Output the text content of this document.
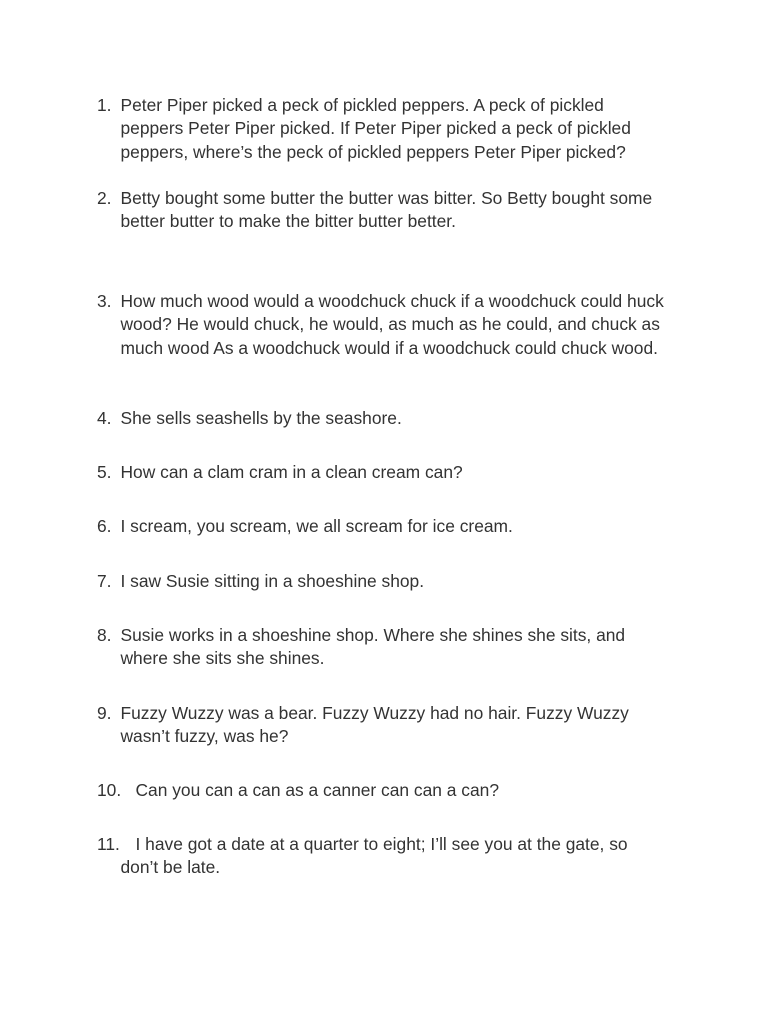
1. Peter Piper picked a peck of pickled peppers. A peck of pickled peppers Peter Piper picked. If Peter Piper picked a peck of pickled peppers, where’s the peck of pickled peppers Peter Piper picked?
2. Betty bought some butter the butter was bitter. So Betty bought some better butter to make the bitter butter better.
3. How much wood would a woodchuck chuck if a woodchuck could huck wood? He would chuck, he would, as much as he could, and chuck as much wood As a woodchuck would if a woodchuck could chuck wood.
4. She sells seashells by the seashore.
5. How can a clam cram in a clean cream can?
6. I scream, you scream, we all scream for ice cream.
7. I saw Susie sitting in a shoeshine shop.
8. Susie works in a shoeshine shop. Where she shines she sits, and where she sits she shines.
9. Fuzzy Wuzzy was a bear. Fuzzy Wuzzy had no hair. Fuzzy Wuzzy wasn’t fuzzy, was he?
10. Can you can a can as a canner can can a can?
11. I have got a date at a quarter to eight; I’ll see you at the gate, so don’t be late.
